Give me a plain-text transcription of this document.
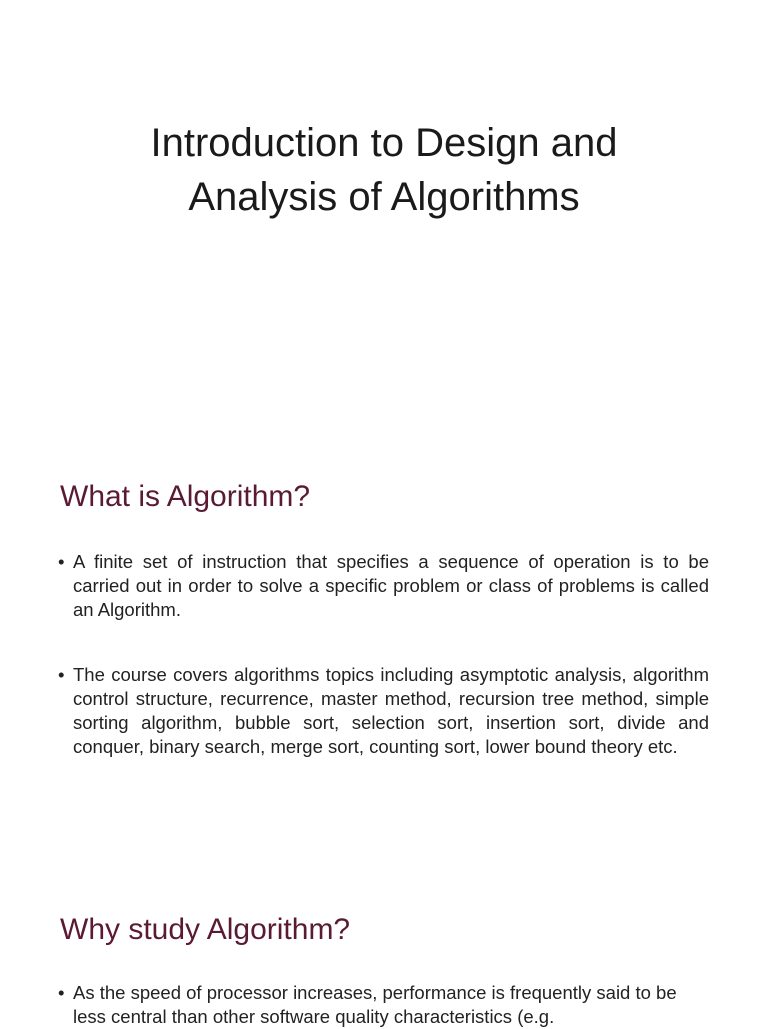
Introduction to Design and
Analysis of Algorithms
What is Algorithm?
• A finite set of instruction that specifies a sequence of operation is to be carried out in order to solve a specific problem or class of problems is called an Algorithm.
• The course covers algorithms topics including asymptotic analysis, algorithm control structure, recurrence, master method, recursion tree method, simple sorting algorithm, bubble sort, selection sort, insertion sort, divide and conquer, binary search, merge sort, counting sort, lower bound theory etc.
Why study Algorithm?
• As the speed of processor increases, performance is frequently said to be less central than other software quality characteristics (e.g.
